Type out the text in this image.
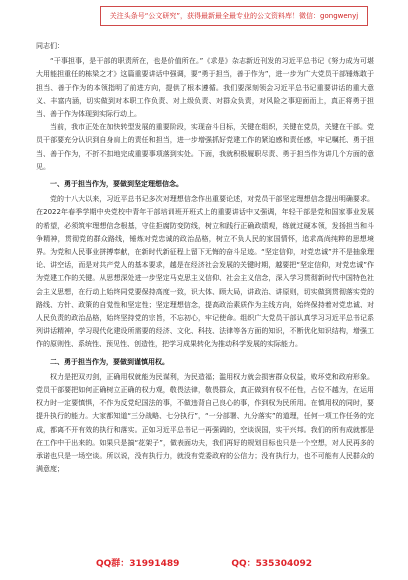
关注头条号“公文研究”，获得最新最全最专业的公文资料库！微信：gongwenyj

同志们：

“干事担事，是干部的职责所在，也是价值所在。”《求是》杂志新近刊发的习近平总书记《努力成为可堪大用能担重任的栋梁之才》这篇重要讲话中强调，要“勇于担当，善于作为”，进一步为广大党员干部锤炼敢于担当、善于作为的本领指明了前进方向，提供了根本遵循。我们要深刻领会习近平总书记重要讲话的重大意义、丰富内涵，切实做到对本职工作负责、对上级负责、对群众负责，对风险之事迎面而上，真正将勇于担当、善于作为体现到实际行动上。

当前，我市正处在加快转型发展的重要阶段，实现奋斗目标，关键在组织，关键在党员，关键在干部。党员干部要充分认识到自身肩上的责任和担当，进一步增强抓好党建工作的紧迫感和责任感，牢记嘱托、勇于担当、善于作为，不折不扣地完成重要事项落到实处。下面，我就积极履职尽责、勇于担当作为讲几个方面的意见。

一、勇于担当作为，要做到坚定理想信念。

党的十八大以来，习近平总书记多次对理想信念作出重要论述，对党员干部坚定理想信念提出明确要求。在2022年春季学期中央党校中青年干部培训班开班式上的重要讲话中又强调，年轻干部是党和国家事业发展的希望，必须筑牢理想信念根基，守住拒腐防变防线，树立和践行正确政绩观，练就过硬本领，发扬担当和斗争精神，贯彻党的群众路线，锤炼对党忠诚的政治品格，树立不负人民的家国情怀，追求高尚纯粹的思想境界。为党和人民事业拼搏奉献，在新时代新征程上留下无悔的奋斗足迹。“坚定信仰，对党忠诚”并不是抽象理论、讲空话，而是对共产党人的基本要求，越是在经济社会发展的关键时期，越要把“坚定信仰，对党忠诚”作为党建工作的关键。从思想深处进一步坚定马克思主义信仰、社会主义信念，深入学习贯彻新时代中国特色社会主义思想，在行动上始终同党要保持高度一致，识大体、顾大局，讲政治、讲原则，切实做到贯彻落实党的路线、方针、政策的自觉性和坚定性；坚定理想信念，提高政治素质作为主线方向，始终保持着对党忠诚、对人民负责的政治品格，始终坚持党的宗旨，不忘初心，牢记使命。组织广大党员干部认真学习习近平总书记系列讲话精神，学习现代化建设所需要的经济、文化、科技、法律等各方面的知识，不断优化知识结构，增强工作的原则性、系统性、预见性、创造性，把学习成果转化为推动科学发展的实际能力。

二、勇于担当作为，要做到谨慎用权。

权力是把双刃剑，正确用权就能为民谋利，为民造福；滥用权力就会损害群众权益，败坏党和政府形象。党员干部要把如何正确树立正确的权力观，敬畏法律，敬畏群众，真正做到有权不任性，占位不越为，在运用权力时一定要慎惧，不作为反党纪国法的事，不做违背自己良心的事，作到权为民所用。在慎用权的同时，要提升执行的能力。大家都知道“三分战略、七分执行”，“一分部署、九分落实”的道理，任何一项工作任务的完成，都离不开有效的执行和落实。正如习近平总书记一再强调的，空谈误国，实干兴邦。我们的所有成就都是在工作中干出来的。如果只是搞“花架子”，做表面功夫，我们再好的规划目标也只是一个空想，对人民再多的承诺也只是一场空谈。所以说，没有执行力，就没有党委政府的公信力；没有执行力，也不可能有人民群众的满意度；

QQ群：31991489	QQ：535304092
